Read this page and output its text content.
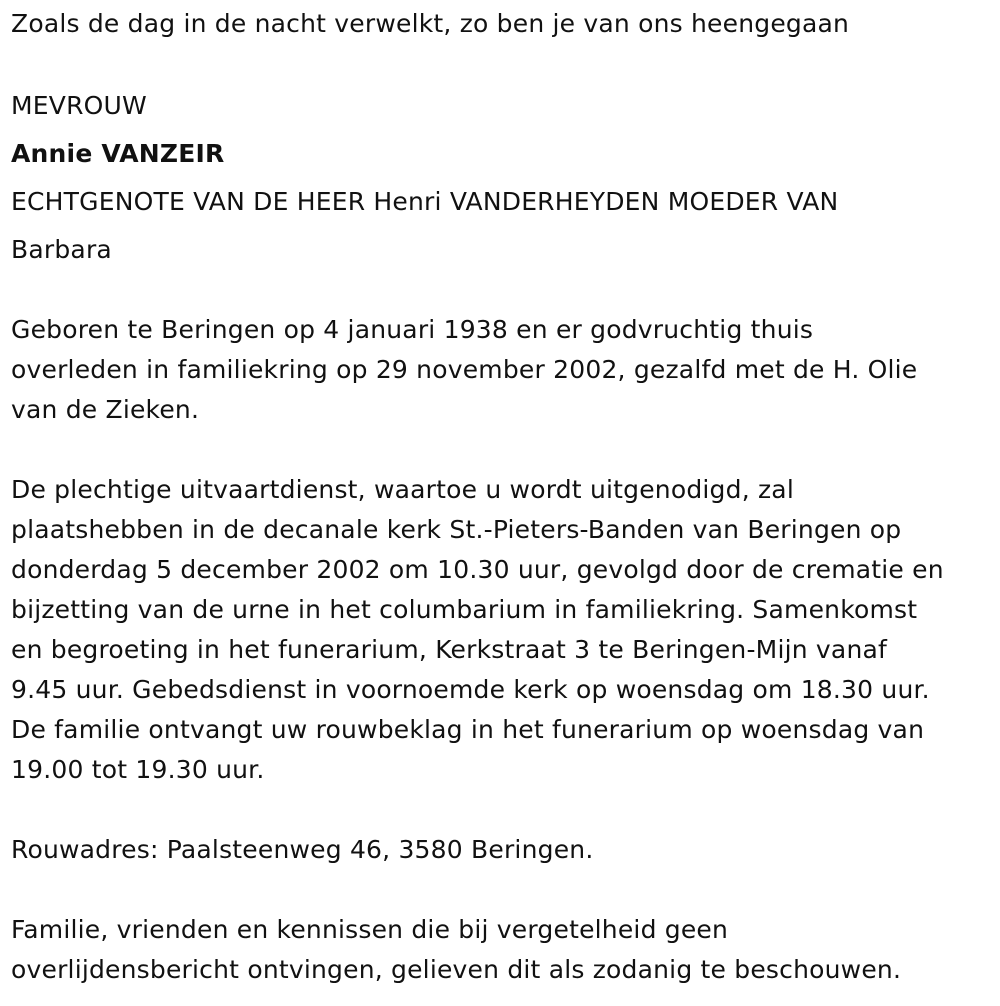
Zoals de dag in de nacht verwelkt, zo ben je van ons heengegaan
MEVROUW
Annie VANZEIR
ECHTGENOTE VAN DE HEER Henri VANDERHEYDEN MOEDER VAN
Barbara
Geboren te Beringen op 4 januari 1938 en er godvruchtig thuis
overleden in familiekring op 29 november 2002, gezalfd met de H. Olie
van de Zieken.
De plechtige uitvaartdienst, waartoe u wordt uitgenodigd, zal
plaatshebben in de decanale kerk St.-Pieters-Banden van Beringen op
donderdag 5 december 2002 om 10.30 uur, gevolgd door de crematie en
bijzetting van de urne in het columbarium in familiekring. Samenkomst
en begroeting in het funerarium, Kerkstraat 3 te Beringen-Mijn vanaf
9.45 uur. Gebedsdienst in voornoemde kerk op woensdag om 18.30 uur.
De familie ontvangt uw rouwbeklag in het funerarium op woensdag van
19.00 tot 19.30 uur.
Rouwadres: Paalsteenweg 46, 3580 Beringen.
Familie, vrienden en kennissen die bij vergetelheid geen
overlijdensbericht ontvingen, gelieven dit als zodanig te beschouwen.
